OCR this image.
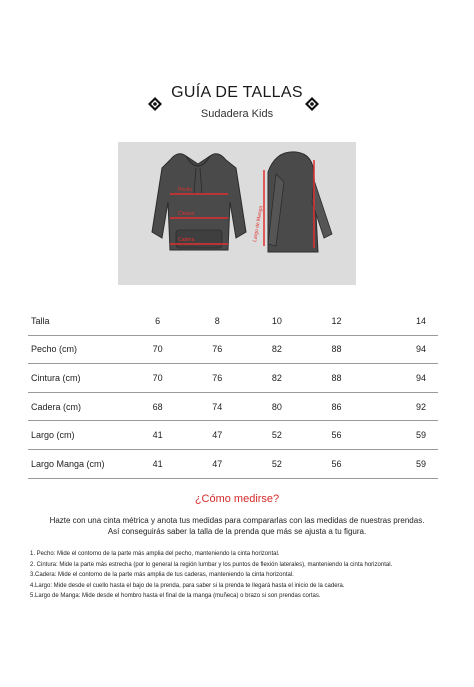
GUÍA DE TALLAS
Sudadera Kids
Pecho
Cintura
Cadera	Largo de Manga
Talla	6	8	10	12	14
Pecho (cm)	70	76	82	88	94
Cintura (cm)	70	76	82	88	94
Cadera (cm)	68	74	80	86	92
Largo (cm)	41	47	52	56	59
Largo Manga (cm)	41	47	52	56	59
¿Cómo medirse?
Hazte con una cinta métrica y anota tus medidas para compararlas con las medidas de nuestras prendas.
Así conseguirás saber la talla de la prenda que más se ajusta a tu figura.
1. Pecho: Mide el contorno de la parte más amplia del pecho, manteniendo la cinta horizontal.
2. Cintura: Mide la parte más estrecha (por lo general la región lumbar y los puntos de flexión laterales), manteniendo la cinta horizontal.
3.Cadera: Mide el contorno de la parte más amplia de tus caderas, manteniendo la cinta horizontal.
4.Largo: Mide desde el cuello hasta el bajo de la prenda, para saber si la prenda te llegará hasta el inicio de la cadera.
5.Largo de Manga: Mide desde el hombro hasta el final de la manga (muñeca) o brazo si son prendas cortas.
